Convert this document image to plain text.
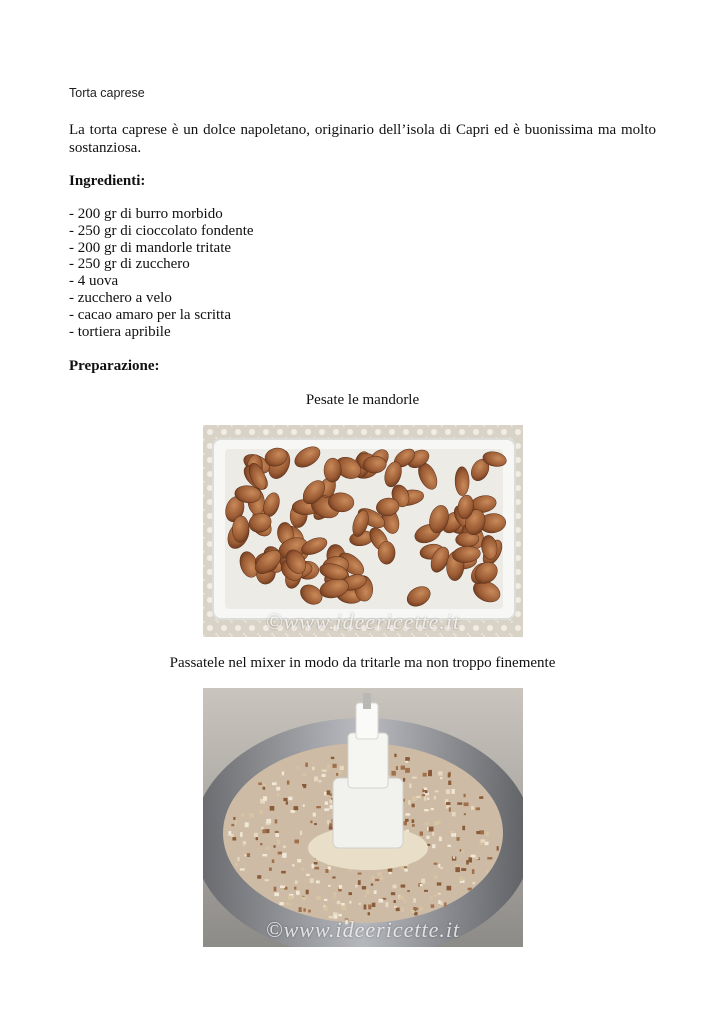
Torta caprese

La torta caprese è un dolce napoletano, originario dell’isola di Capri ed è buonissima ma molto sostanziosa.

Ingredienti:

- 200 gr di burro morbido
- 250 gr di cioccolato fondente
- 200 gr di mandorle tritate
- 250 gr di zucchero
- 4 uova
- zucchero a velo
- cacao amaro per la scritta
- tortiera apribile

Preparazione:

Pesate le mandorle

©www.ideericette.it

Passatele nel mixer in modo da tritarle ma non troppo finemente

©www.ideericette.it
